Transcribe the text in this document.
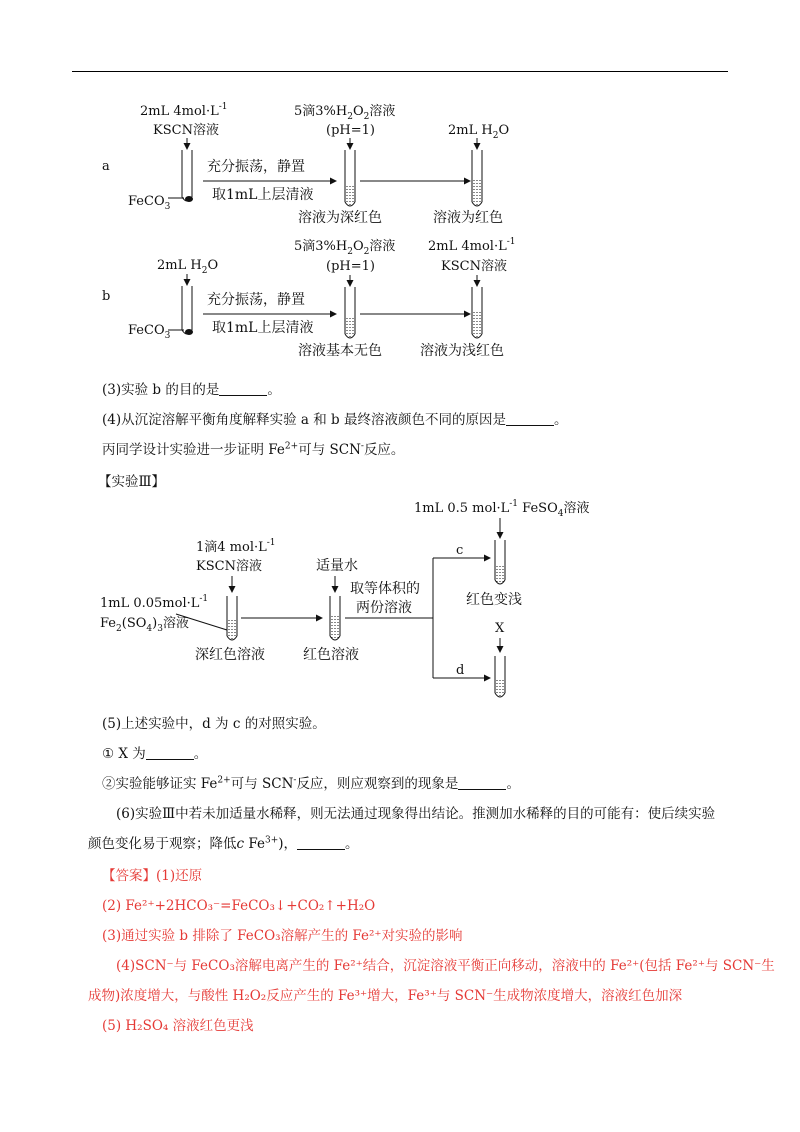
a
2mL $4mol\cdot L^{-1}$
KSCN溶液
FeCO$_3$
充分振荡，静置
取1mL上层清液
5滴$3\%H_2O_2$溶液
(pH=1)
溶液为深红色
2mL $H_2O$
溶液为红色
b
2mL $H_2O$
FeCO$_3$
充分振荡，静置
取1mL上层清液
5滴$3\%H_2O_2$溶液
(pH=1)
溶液基本无色
2mL $4mol\cdot L^{-1}$
KSCN溶液
溶液为浅红色
(3)实验 b 的目的是	。
(4)从沉淀溶解平衡角度解释实验 a 和 b 最终溶液颜色不同的原因是	。
丙同学设计实验进一步证明 $Fe^{2+}$可与 SCN-反应。
【实验Ⅲ】
1mL 0.5 $mol\cdot L^{-1}$ FeSO$_4$溶液
1滴4 $mol\cdot L^{-1}$
KSCN溶液
1mL $0.05mol\cdot L^{-1}$
$Fe_2(SO_4)_3$溶液
深红色溶液
适量水
红色溶液
取等体积的
两份溶液
c
d
红色变浅
X
(5)上述实验中，d 为 c 的对照实验。
① X 为	。
②实验能够证实 $Fe^{2+}$可与 SCN-反应，则应观察到的现象是	。
(6)实验Ⅲ中若未加适量水稀释，则无法通过现象得出结论。推测加水稀释的目的可能有：使后续实验
颜色变化易于观察；降低c $Fe^{3+}$)，	。
【答案】(1)还原
(2) Fe²⁺+2HCO₃⁻=FeCO₃↓+CO₂↑+H₂O
(3)通过实验 b 排除了 FeCO₃溶解产生的 Fe²⁺对实验的影响
(4)SCN⁻与 FeCO₃溶解电离产生的 Fe²⁺结合，沉淀溶液平衡正向移动，溶液中的 Fe²⁺(包括 Fe²⁺与 SCN⁻生
成物)浓度增大，与酸性 H₂O₂反应产生的 Fe³⁺增大，Fe³⁺与 SCN⁻生成物浓度增大，溶液红色加深
(5) H₂SO₄ 溶液红色更浅
